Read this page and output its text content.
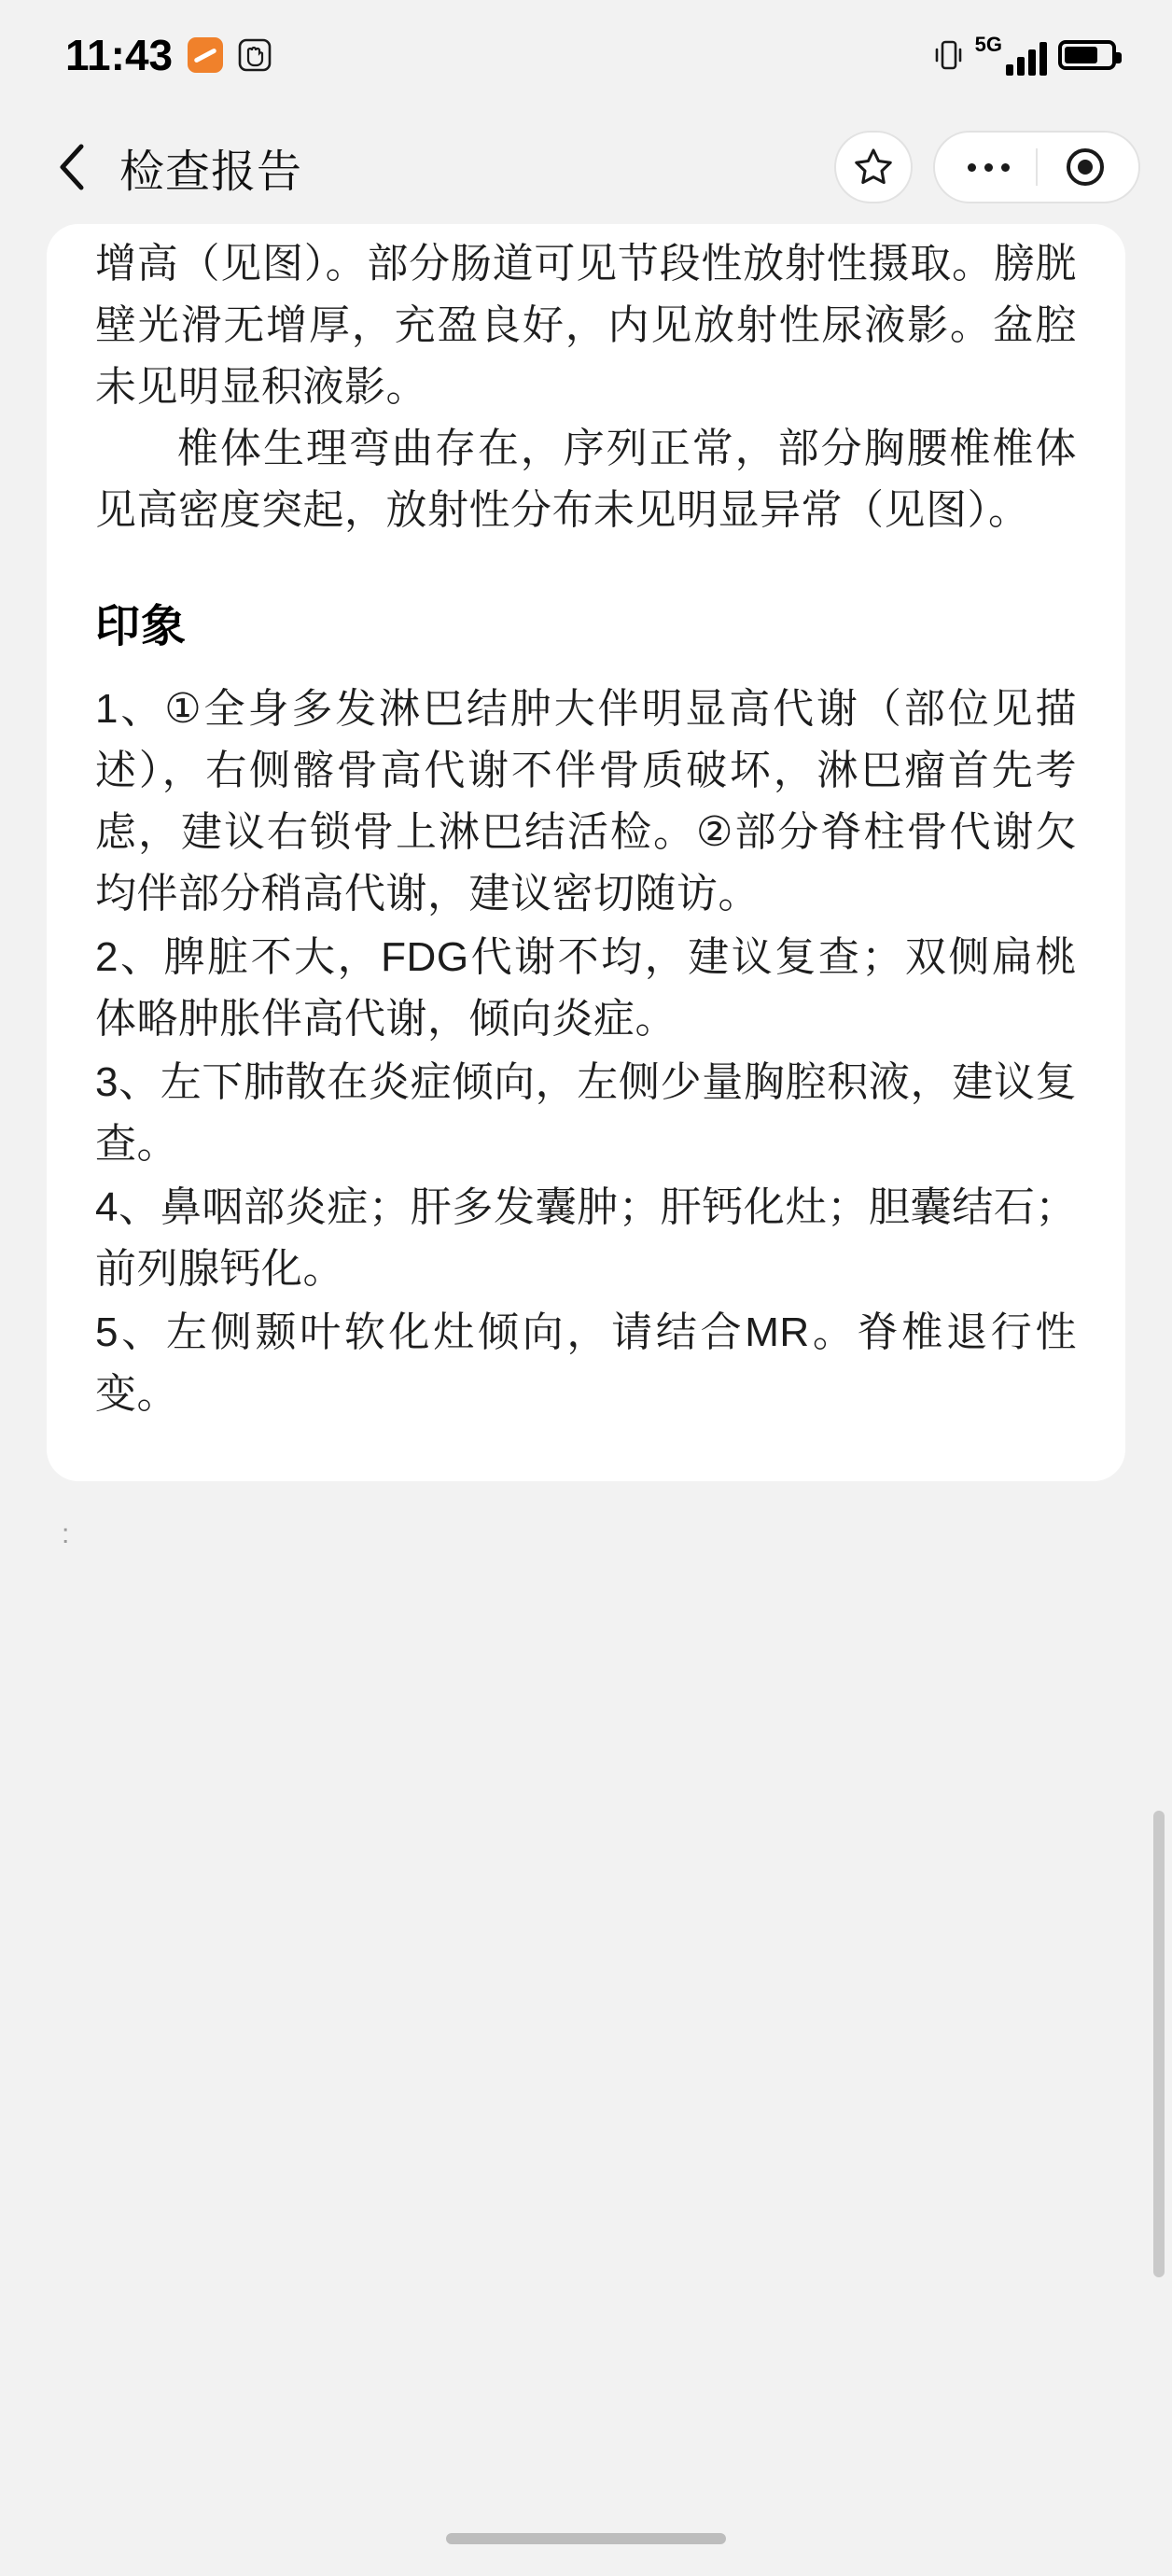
11:43	5G
检查报告
增高（见图）。部分肠道可见节段性放射性摄取。膀胱壁光滑无增厚，充盈良好，内见放射性尿液影。盆腔未见明显积液影。
椎体生理弯曲存在，序列正常，部分胸腰椎椎体见高密度突起，放射性分布未见明显异常（见图）。
印象
1、①全身多发淋巴结肿大伴明显高代谢（部位见描述），右侧髂骨高代谢不伴骨质破坏，淋巴瘤首先考虑，建议右锁骨上淋巴结活检。②部分脊柱骨代谢欠均伴部分稍高代谢，建议密切随访。
2、脾脏不大，FDG代谢不均，建议复查；双侧扁桃体略肿胀伴高代谢，倾向炎症。
3、左下肺散在炎症倾向，左侧少量胸腔积液，建议复查。
4、鼻咽部炎症；肝多发囊肿；肝钙化灶；胆囊结石；前列腺钙化。
5、左侧颞叶软化灶倾向，请结合MR。脊椎退行性变。
:
